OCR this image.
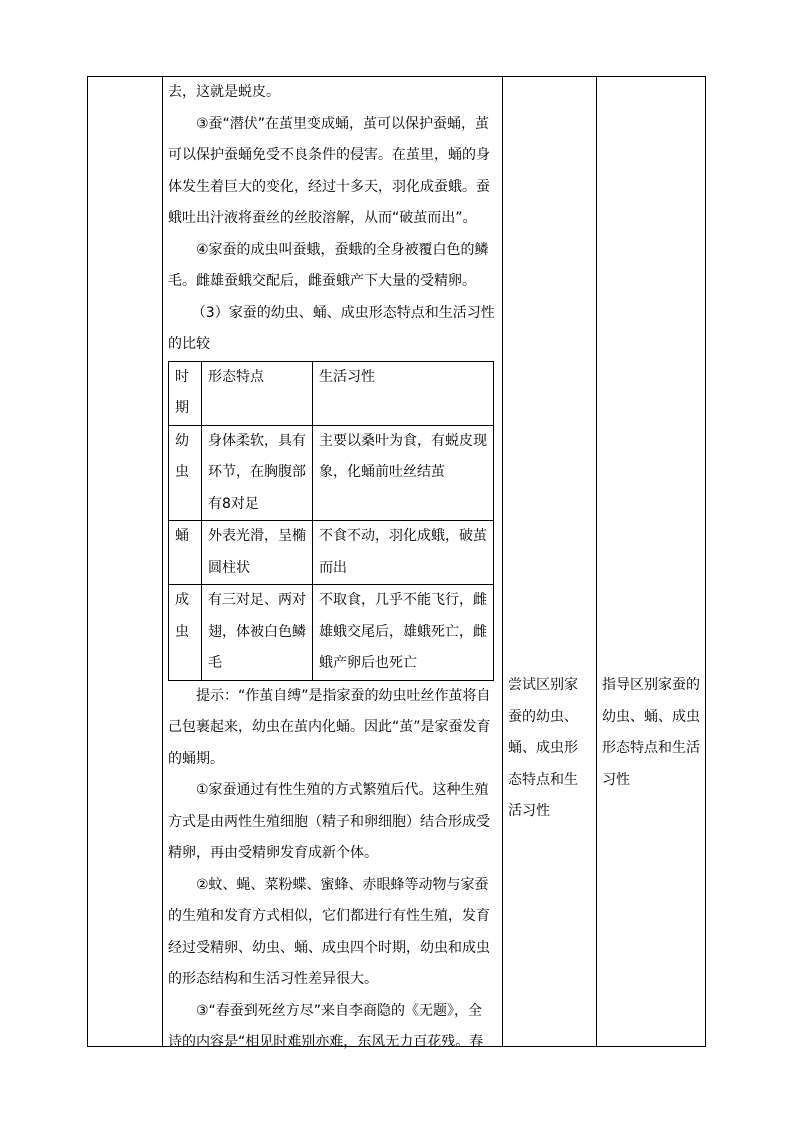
去，这就是蜕皮。

③蚕“潜伏”在茧里变成蛹，茧可以保护蚕蛹，茧可以保护蚕蛹免受不良条件的侵害。在茧里，蛹的身体发生着巨大的变化，经过十多天，羽化成蚕蛾。蚕蛾吐出汁液将蚕丝的丝胶溶解，从而“破茧而出”。

④家蚕的成虫叫蚕蛾，蚕蛾的全身被覆白色的鳞毛。雌雄蚕蛾交配后，雌蚕蛾产下大量的受精卵。

（3）家蚕的幼虫、蛹、成虫形态特点和生活习性的比较

时期	形态特点	生活习性
幼虫	身体柔软，具有环节，在胸腹部有8对足	主要以桑叶为食，有蜕皮现象，化蛹前吐丝结茧
蛹	外表光滑，呈椭圆柱状	不食不动，羽化成蛾，破茧而出
成虫	有三对足、两对翅，体被白色鳞毛	不取食，几乎不能飞行，雌雄蛾交尾后，雄蛾死亡，雌蛾产卵后也死亡

提示：“作茧自缚”是指家蚕的幼虫吐丝作茧将自己包裹起来，幼虫在茧内化蛹。因此“茧”是家蚕发育的蛹期。

①家蚕通过有性生殖的方式繁殖后代。这种生殖方式是由两性生殖细胞（精子和卵细胞）结合形成受精卵，再由受精卵发育成新个体。

②蚊、蝇、菜粉蝶、蜜蜂、赤眼蜂等动物与家蚕的生殖和发育方式相似，它们都进行有性生殖，发育经过受精卵、幼虫、蛹、成虫四个时期，幼虫和成虫的形态结构和生活习性差异很大。

③“春蚕到死丝方尽”来自李商隐的《无题》，全诗的内容是“相见时难别亦难，东风无力百花残。春

尝试区别家蚕的幼虫、蛹、成虫形态特点和生活习性
指导区别家蚕的幼虫、蛹、成虫形态特点和生活习性
